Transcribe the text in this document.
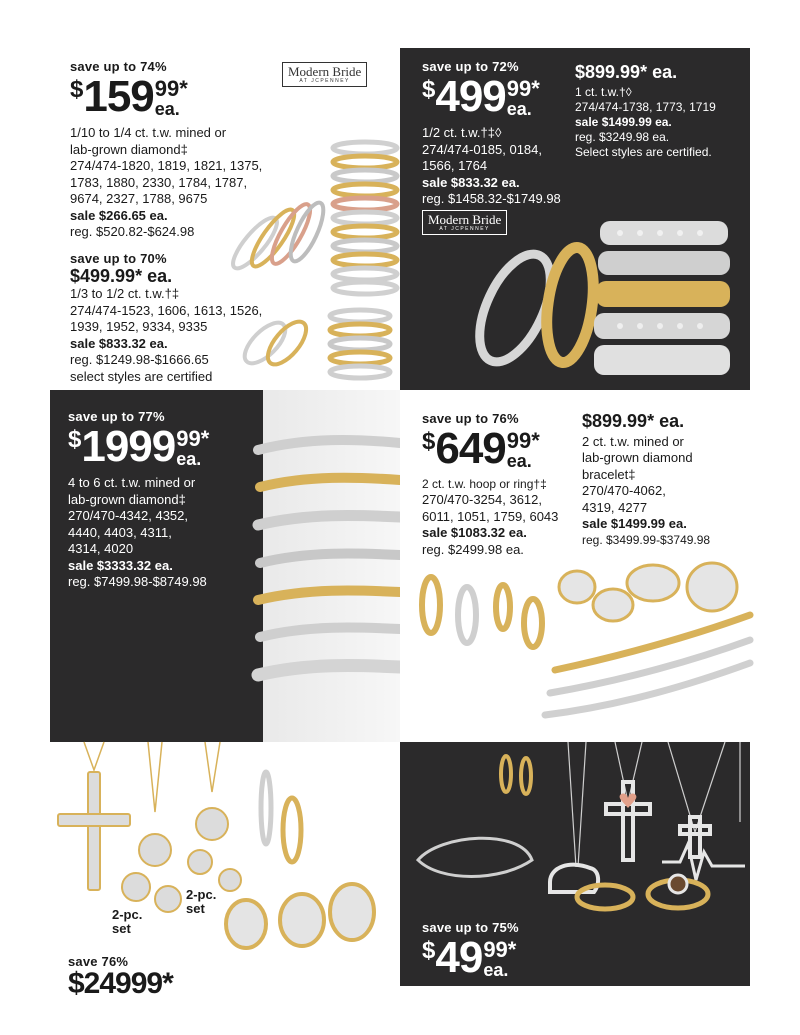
Modern Bride
AT JCPENNEY
save up to 74%
$ 159 99*
ea.
1/10 to 1/4 ct. t.w. mined or
lab-grown diamond‡
274/474-1820, 1819, 1821, 1375,
1783, 1880, 2330, 1784, 1787,
9674, 2327, 1788, 9675
sale $266.65 ea.
reg. $520.82-$624.98
save up to 70%
$499.99* ea.
1/3 to 1/2 ct. t.w.†‡
274/474-1523, 1606, 1613, 1526,
1939, 1952, 9334, 9335
sale $833.32 ea.
reg. $1249.98-$1666.65
select styles are certified
save up to 72%
$ 499 99*
ea.
1/2 ct. t.w.†‡◊
274/474-0185, 0184,
1566, 1764
sale $833.32 ea.
reg. $1458.32-$1749.98
$899.99* ea.
1 ct. t.w.†◊
274/474-1738, 1773, 1719
sale $1499.99 ea.
reg. $3249.98 ea.
Select styles are certified.
Modern Bride
AT JCPENNEY
save up to 77%
$ 1999 99*
ea.
4 to 6 ct. t.w. mined or
lab-grown diamond‡
270/470-4342, 4352,
4440, 4403, 4311,
4314, 4020
sale $3333.32 ea.
reg. $7499.98-$8749.98
save up to 76%
$ 649 99*
ea.
2 ct. t.w. hoop or ring†‡
270/470-3254, 3612,
6011, 1051, 1759, 6043
sale $1083.32 ea.
reg. $2499.98 ea.
$899.99* ea.
2 ct. t.w. mined or
lab-grown diamond
bracelet‡
270/470-4062,
4319, 4277
sale $1499.99 ea.
reg. $3499.99-$3749.98
2-pc.
set
2-pc.
set
save 76%
$24999*
save up to 75%
$ 49 99*
ea.
1/10 ct. t.w. white or color-enhanced
